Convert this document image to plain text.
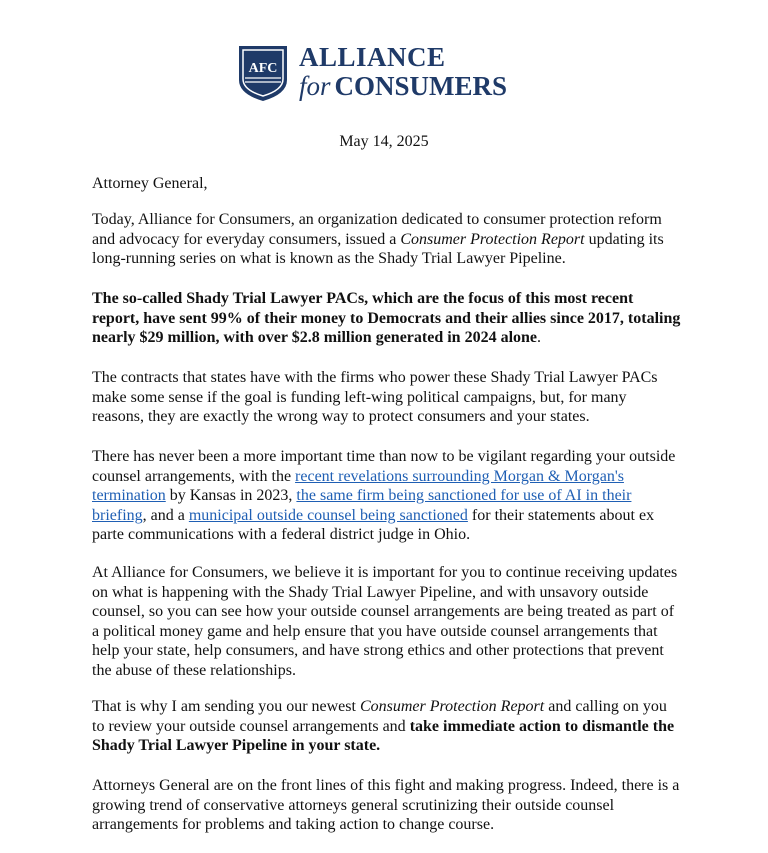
AFC ALLIANCE
for CONSUMERS
May 14, 2025

Attorney General,

Today, Alliance for Consumers, an organization dedicated to consumer protection reform and advocacy for everyday consumers, issued a Consumer Protection Report updating its long-running series on what is known as the Shady Trial Lawyer Pipeline.

The so-called Shady Trial Lawyer PACs, which are the focus of this most recent report, have sent 99% of their money to Democrats and their allies since 2017, totaling nearly $29 million, with over $2.8 million generated in 2024 alone.

The contracts that states have with the firms who power these Shady Trial Lawyer PACs make some sense if the goal is funding left-wing political campaigns, but, for many reasons, they are exactly the wrong way to protect consumers and your states.

There has never been a more important time than now to be vigilant regarding your outside counsel arrangements, with the recent revelations surrounding Morgan & Morgan's termination by Kansas in 2023, the same firm being sanctioned for use of AI in their briefing, and a municipal outside counsel being sanctioned for their statements about ex parte communications with a federal district judge in Ohio.

At Alliance for Consumers, we believe it is important for you to continue receiving updates on what is happening with the Shady Trial Lawyer Pipeline, and with unsavory outside counsel, so you can see how your outside counsel arrangements are being treated as part of a political money game and help ensure that you have outside counsel arrangements that help your state, help consumers, and have strong ethics and other protections that prevent the abuse of these relationships.

That is why I am sending you our newest Consumer Protection Report and calling on you to review your outside counsel arrangements and take immediate action to dismantle the Shady Trial Lawyer Pipeline in your state.

Attorneys General are on the front lines of this fight and making progress. Indeed, there is a growing trend of conservative attorneys general scrutinizing their outside counsel arrangements for problems and taking action to change course.
